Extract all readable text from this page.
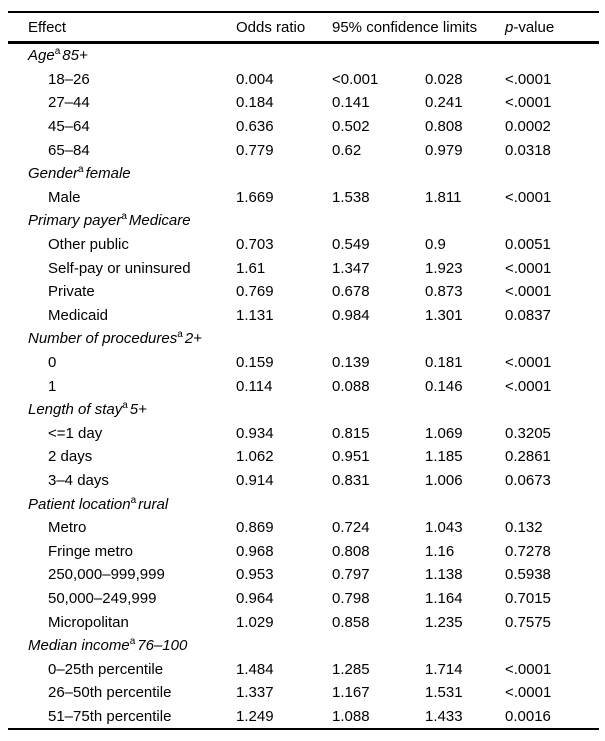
Effect	Odds ratio	95% confidence limits		p-value
Age$^a$ 85+				
18–26	0.004	<0.001	0.028	<.0001
27–44	0.184	0.141	0.241	<.0001
45–64	0.636	0.502	0.808	0.0002
65–84	0.779	0.62	0.979	0.0318
Gender$^a$ female				
Male	1.669	1.538	1.811	<.0001
Primary payer$^a$ Medicare				
Other public	0.703	0.549	0.9	0.0051
Self-pay or uninsured	1.61	1.347	1.923	<.0001
Private	0.769	0.678	0.873	<.0001
Medicaid	1.131	0.984	1.301	0.0837
Number of procedures$^a$ 2+				
0	0.159	0.139	0.181	<.0001
1	0.114	0.088	0.146	<.0001
Length of stay$^a$ 5+				
<=1 day	0.934	0.815	1.069	0.3205
2 days	1.062	0.951	1.185	0.2861
3–4 days	0.914	0.831	1.006	0.0673
Patient location$^a$ rural				
Metro	0.869	0.724	1.043	0.132
Fringe metro	0.968	0.808	1.16	0.7278
250,000–999,999	0.953	0.797	1.138	0.5938
50,000–249,999	0.964	0.798	1.164	0.7015
Micropolitan	1.029	0.858	1.235	0.7575
Median income$^a$ 76–100				
0–25th percentile	1.484	1.285	1.714	<.0001
26–50th percentile	1.337	1.167	1.531	<.0001
51–75th percentile	1.249	1.088	1.433	0.0016
